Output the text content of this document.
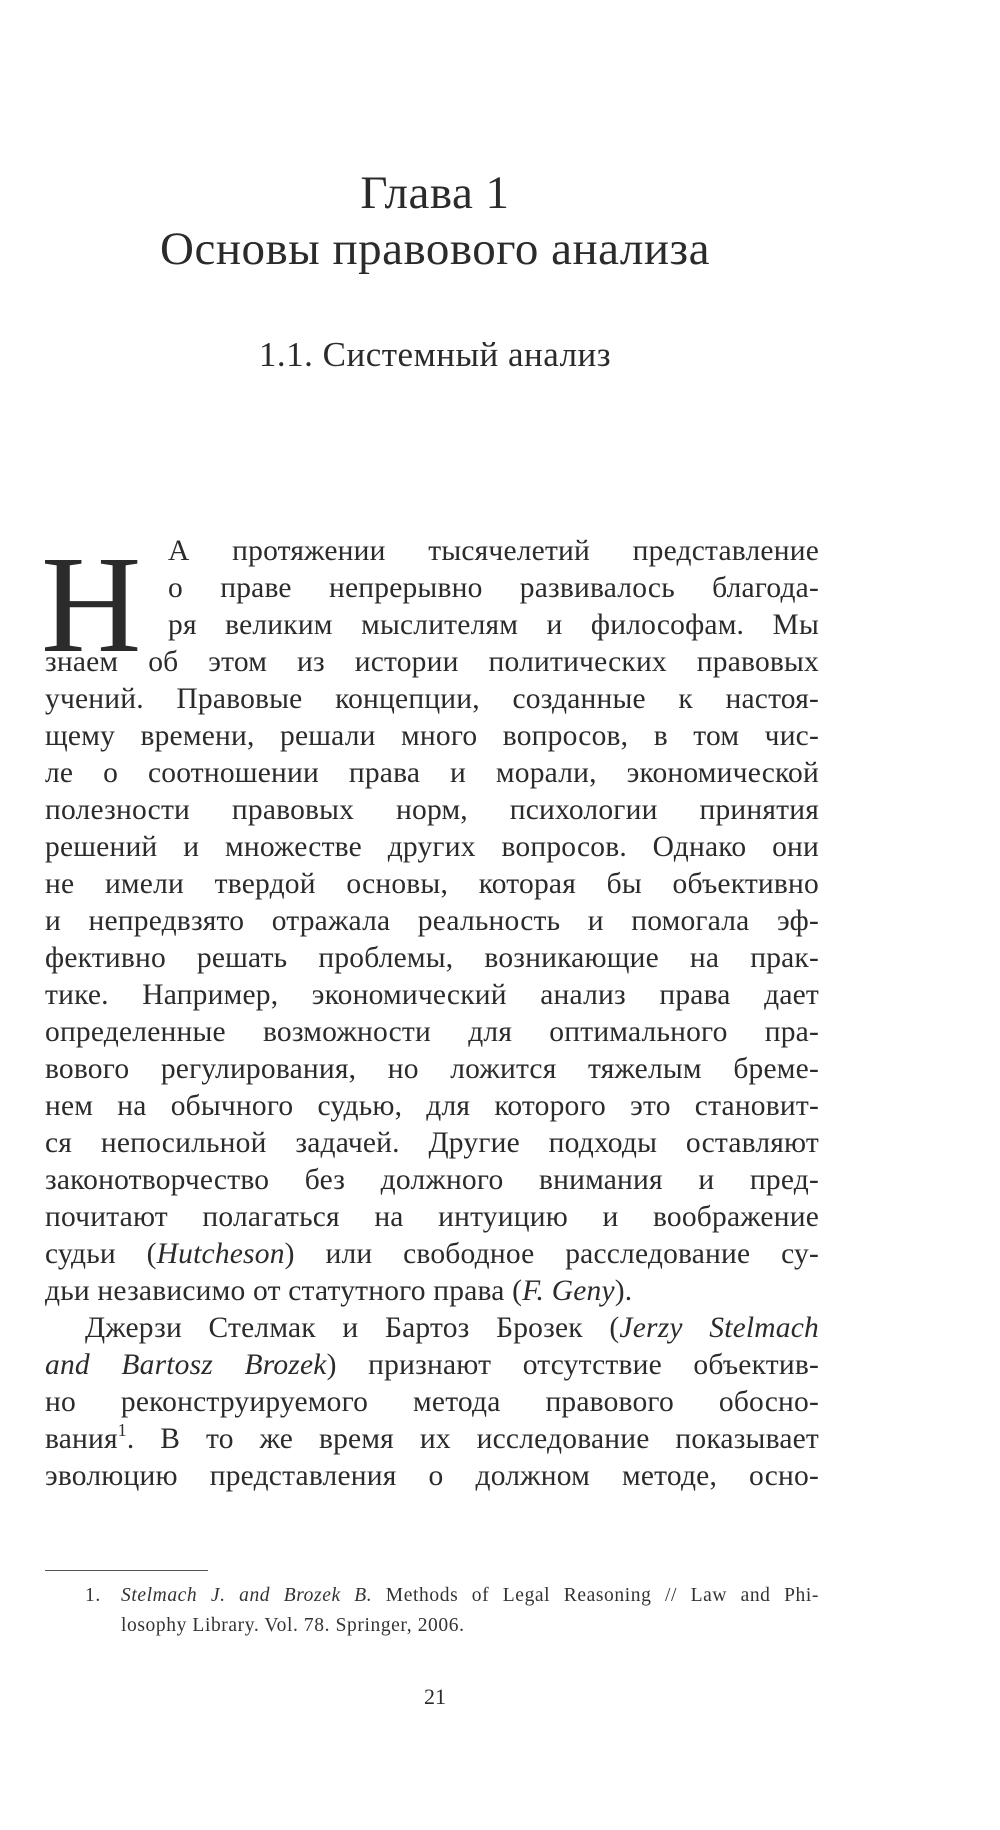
Глава 1
Основы правового анализа
1.1. Системный анализ
Н А протяжении тысячелетий представление
о праве непрерывно развивалось благода-
ря великим мыслителям и философам. Мы
знаем об этом из истории политических правовых
учений. Правовые концепции, созданные к настоя-
щему времени, решали много вопросов, в том чис-
ле о соотношении права и морали, экономической
полезности правовых норм, психологии принятия
решений и множестве других вопросов. Однако они
не имели твердой основы, которая бы объективно
и непредвзято отражала реальность и помогала эф-
фективно решать проблемы, возникающие на прак-
тике. Например, экономический анализ права дает
определенные возможности для оптимального пра-
вового регулирования, но ложится тяжелым бреме-
нем на обычного судью, для которого это становит-
ся непосильной задачей. Другие подходы оставляют
законотворчество без должного внимания и пред-
почитают полагаться на интуицию и воображение
судьи (Hutcheson) или свободное расследование су-
дьи независимо от статутного права (F. Geny).
Джерзи Стелмак и Бартоз Брозек (Jerzy Stelmach
and Bartosz Brozek) признают отсутствие объектив-
но реконструируемого метода правового обосно-
вания$^1$. В то же время их исследование показывает
эволюцию представления о должном методе, осно-
1. Stelmach J. and Brozek B. Methods of Legal Reasoning // Law and Phi-
losophy Library. Vol. 78. Springer, 2006.
21
